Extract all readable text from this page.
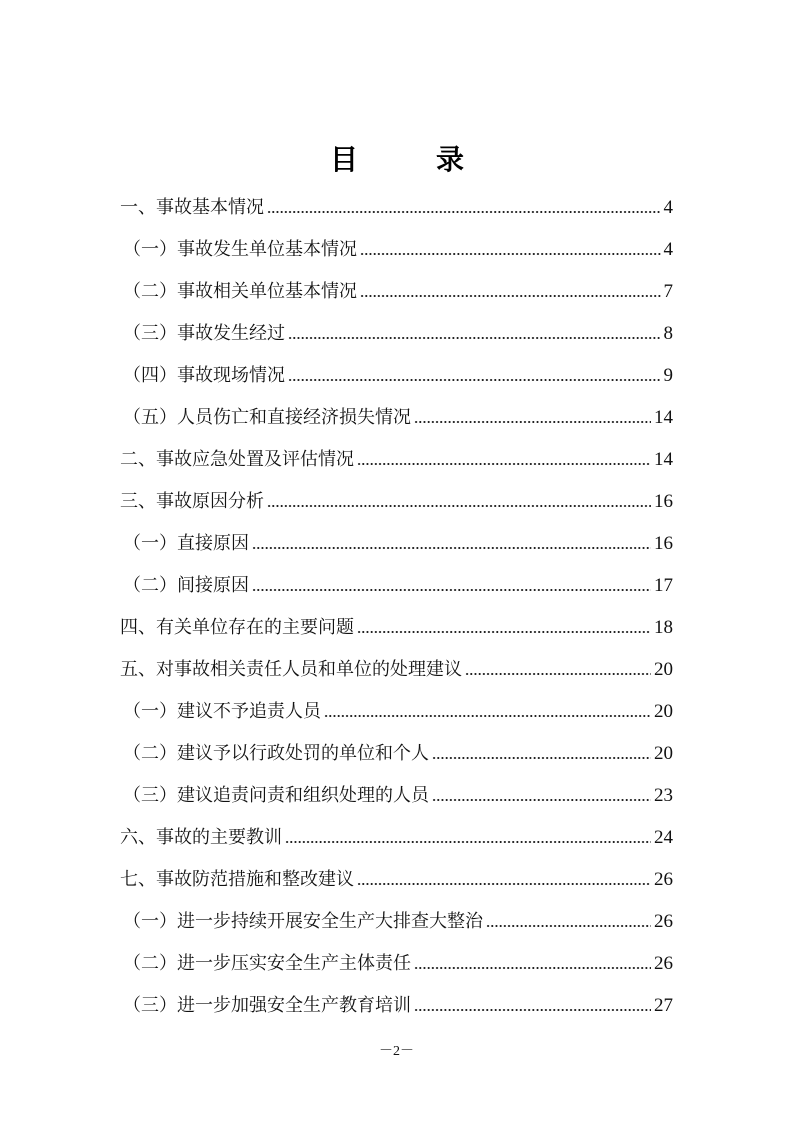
目	录
一、事故基本情况	4
（一）事故发生单位基本情况	4
（二）事故相关单位基本情况	7
（三）事故发生经过	8
（四）事故现场情况	9
（五）人员伤亡和直接经济损失情况	14
二、事故应急处置及评估情况	14
三、事故原因分析	16
（一）直接原因	16
（二）间接原因	17
四、有关单位存在的主要问题	18
五、对事故相关责任人员和单位的处理建议	20
（一）建议不予追责人员	20
（二）建议予以行政处罚的单位和个人	20
（三）建议追责问责和组织处理的人员	23
六、事故的主要教训	24
七、事故防范措施和整改建议	26
（一）进一步持续开展安全生产大排查大整治	26
（二）进一步压实安全生产主体责任	26
（三）进一步加强安全生产教育培训	27
－2－
